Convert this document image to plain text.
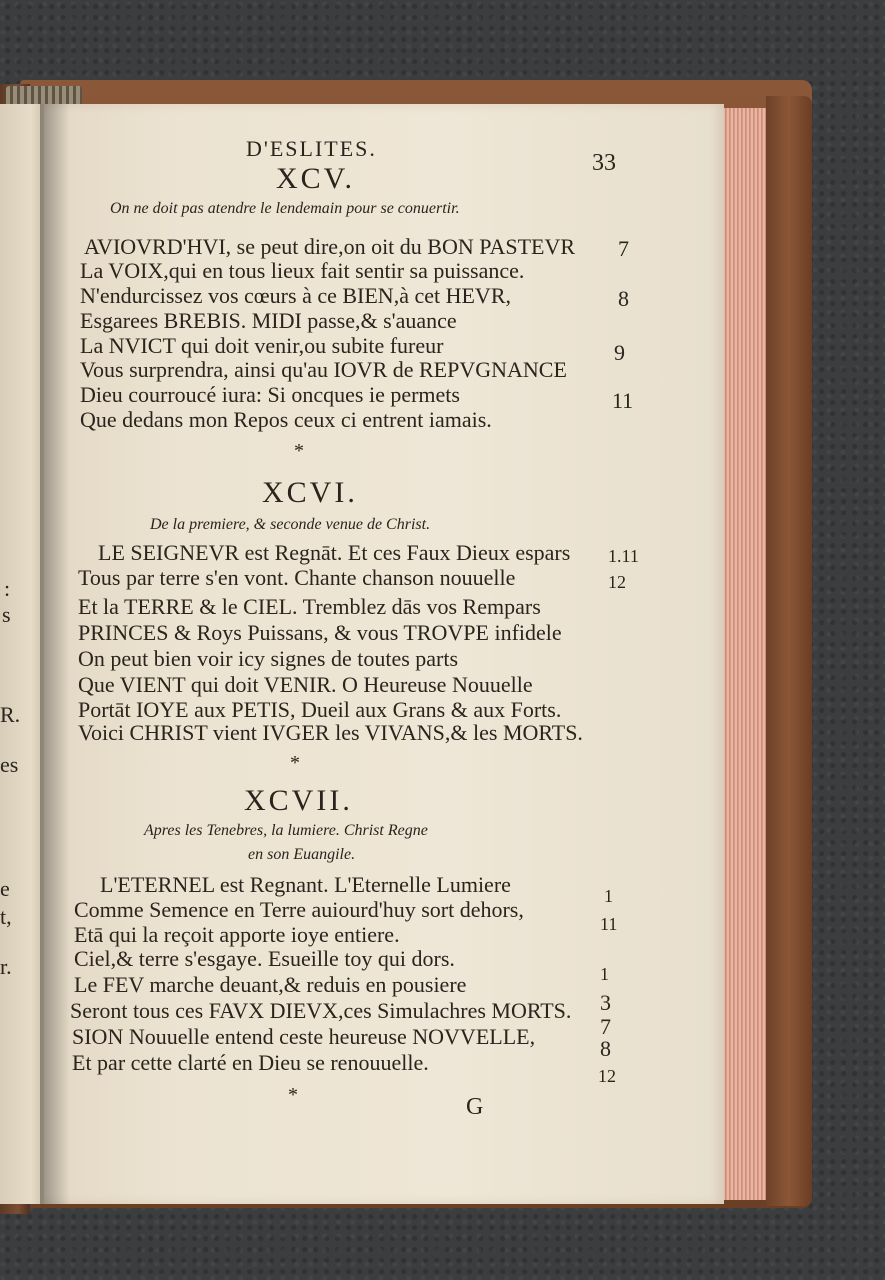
:
s
R.
es
e
t,
r.
D'ESLITES.
33
XCV.
On ne doit pas atendre le lendemain pour se conuertir.
AVIOVRD'HVI, se peut dire,on oit du BON PASTEVR 7
La VOIX,qui en tous lieux fait sentir sa puissance.
N'endurcissez vos cœurs à ce BIEN,à cet HEVR,	8
Esgarees BREBIS. MIDI passe,& s'auance
La NVICT qui doit venir,ou subite fureur	9
Vous surprendra, ainsi qu'au IOVR de REPVGNANCE
Dieu courroucé iura: Si oncques ie permets	11
Que dedans mon Repos ceux ci entrent iamais.
*
XCVI.
De la premiere, & seconde venue de Christ.
LE SEIGNEVR est Regnāt. Et ces Faux Dieux espars 1.11
Tous par terre s'en vont. Chante chanson nouuelle	12
Et la TERRE & le CIEL. Tremblez dās vos Rempars
PRINCES & Roys Puissans, & vous TROVPE infidele
On peut bien voir icy signes de toutes parts
Que VIENT qui doit VENIR. O Heureuse Nouuelle
Portāt IOYE aux PETIS, Dueil aux Grans & aux Forts.
Voici CHRIST vient IVGER les VIVANS,& les MORTS.
*
XCVII.
Apres les Tenebres, la lumiere. Christ Regne
en son Euangile.
L'ETERNEL est Regnant. L'Eternelle Lumiere	1
Comme Semence en Terre auiourd'huy sort dehors,
11
Etā qui la reçoit apporte ioye entiere.
Ciel,& terre s'esgaye. Esueille toy qui dors.
1
Le FEV marche deuant,& reduis en pousiere
Seront tous ces FAVX DIEVX,ces Simulachres MORTS. 3
SION Nouuelle entend ceste heureuse NOVVELLE,	7
Et par cette clarté en Dieu se renouuelle.
8
12
*	G
